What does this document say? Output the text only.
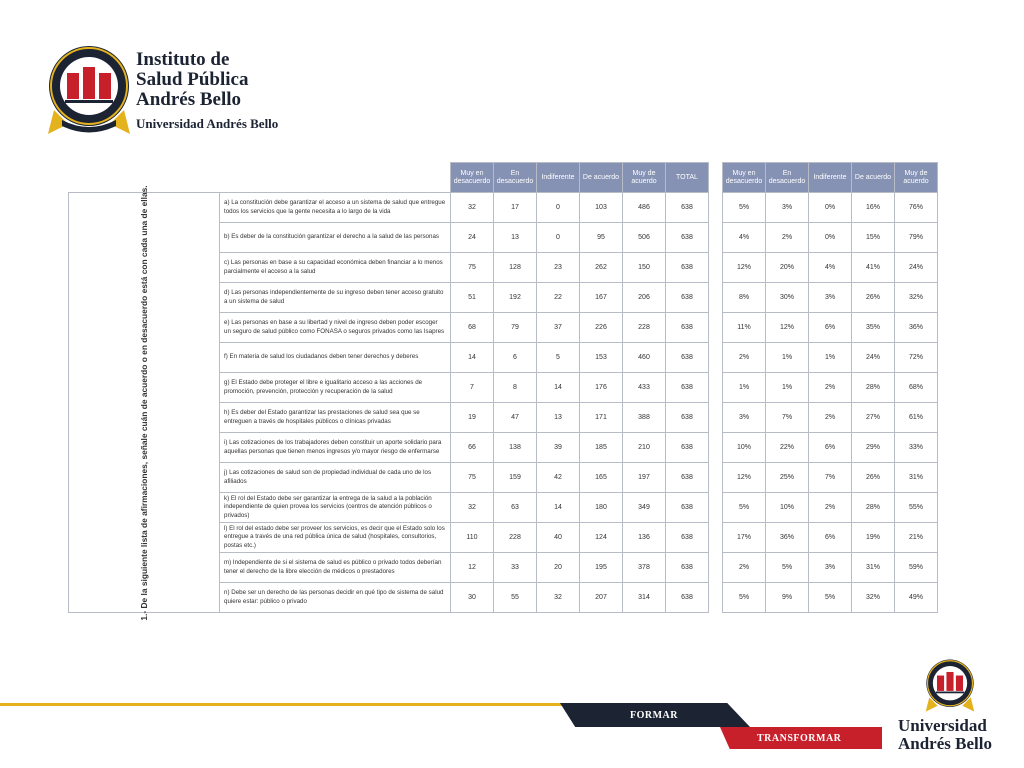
Instituto de
Salud Pública
Andrés Bello
Universidad Andrés Bello
		Muy en desacuerdo	En desacuerdo	Indiferente	De acuerdo	Muy de acuerdo	TOTAL

1.- De la siguiente lista de afirmaciones, señale cuán de acuerdo o en desacuerdo está con cada una de ellas.	a) La constitución debe garantizar el acceso a un sistema de salud que entregue todos los servicios que la gente necesita a lo largo de la vida	32	17	0	103	486	638
	b) Es deber de la constitución garantizar el derecho a la salud de las personas	24	13	0	95	506	638
	c) Las personas en base a su capacidad económica deben financiar a lo menos parcialmente el acceso a la salud	75	128	23	262	150	638
	d) Las personas independientemente de su ingreso deben tener acceso gratuito a un sistema de salud	51	192	22	167	206	638
	e) Las personas en base a su libertad y nivel de ingreso deben poder escoger un seguro de salud público como FONASA o seguros privados como las Isapres	68	79	37	226	228	638
	f) En materia de salud los ciudadanos deben tener derechos y deberes	14	6	5	153	460	638
	g) El Estado debe proteger el libre e igualitario acceso a las acciones de promoción, prevención, protección y recuperación de la salud	7	8	14	176	433	638
	h) Es deber del Estado garantizar las prestaciones de salud sea que se entreguen a través de hospitales públicos o clínicas privadas	19	47	13	171	388	638
	i) Las cotizaciones de los trabajadores deben constituir un aporte solidario para aquellas personas que tienen menos ingresos y/o mayor riesgo de enfermarse	66	138	39	185	210	638
	j) Las cotizaciones de salud son de propiedad individual de cada uno de los afiliados	75	159	42	165	197	638
	k) El rol del Estado debe ser garantizar la entrega de la salud a la población independiente de quien provea los servicios (centros de atención públicos o privados)	32	63	14	180	349	638
	l) El rol del estado debe ser proveer los servicios, es decir que el Estado solo los entregue a través de una red pública única de salud (hospitales, consultorios, postas etc.)	110	228	40	124	136	638
	m) Independiente de si el sistema de salud es público o privado todos deberían tener el derecho de la libre elección de médicos o prestadores	12	33	20	195	378	638
	n) Debe ser un derecho de las personas decidir en qué tipo de sistema de salud quiere estar: público o privado	30	55	32	207	314	638
Muy en desacuerdo	En desacuerdo	Indiferente	De acuerdo	Muy de acuerdo
5%	3%	0%	16%	76%
4%	2%	0%	15%	79%
12%	20%	4%	41%	24%
8%	30%	3%	26%	32%
11%	12%	6%	35%	36%
2%	1%	1%	24%	72%
1%	1%	2%	28%	68%
3%	7%	2%	27%	61%
10%	22%	6%	29%	33%
12%	25%	7%	26%	31%
5%	10%	2%	28%	55%
17%	36%	6%	19%	21%
2%	5%	3%	31%	59%
5%	9%	5%	32%	49%
FORMAR
TRANSFORMAR
Universidad
Andrés Bello
